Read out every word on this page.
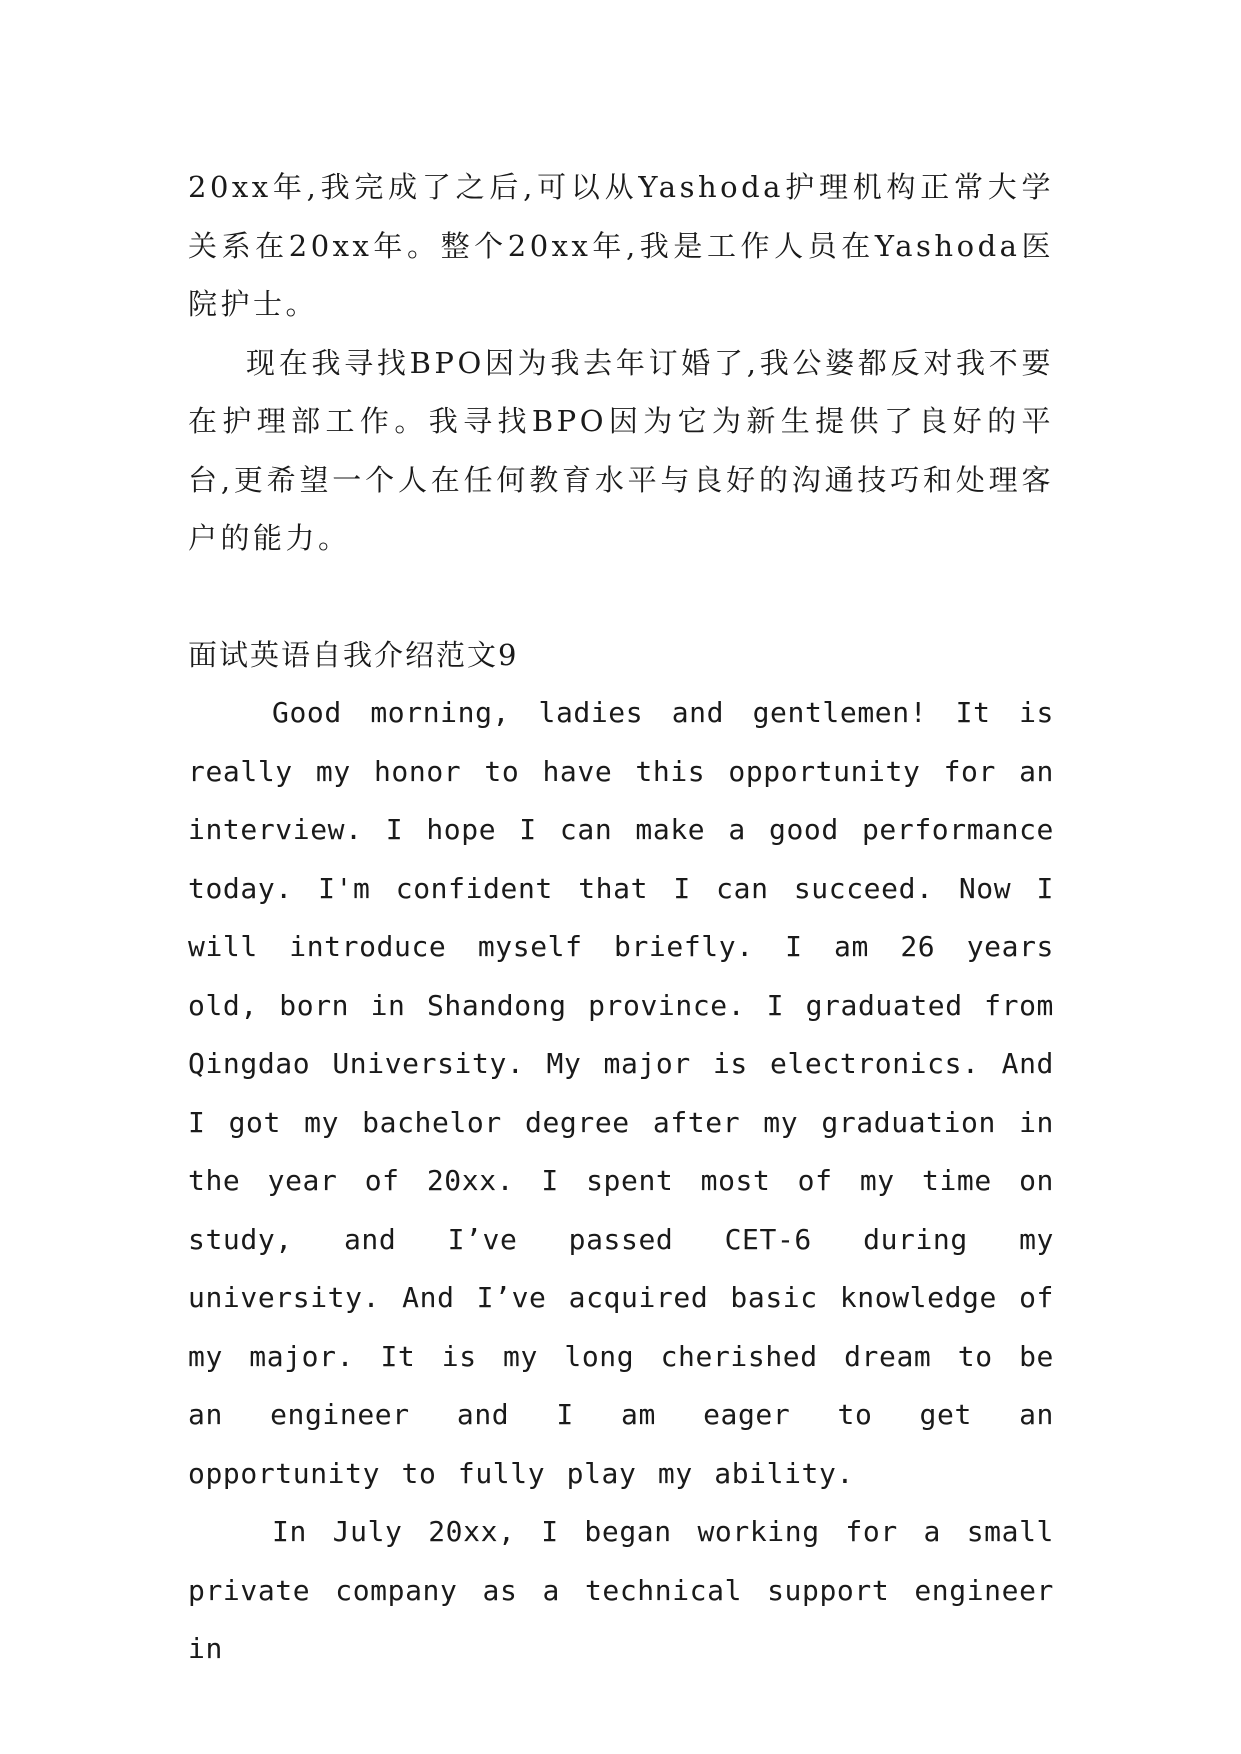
20xx年,我完成了之后,可以从Yashoda护理机构正常大学关系在20xx年。整个20xx年,我是工作人员在Yashoda医院护士。

现在我寻找BPO因为我去年订婚了,我公婆都反对我不要在护理部工作。我寻找BPO因为它为新生提供了良好的平台,更希望一个人在任何教育水平与良好的沟通技巧和处理客户的能力。

面试英语自我介绍范文9

Good morning, ladies and gentlemen! It is really my honor to have this opportunity for an interview. I hope I can make a good performance today. I'm confident that I can succeed. Now I will introduce myself briefly. I am 26 years old, born in Shandong province. I graduated from Qingdao University. My major is electronics. And I got my bachelor degree after my graduation in the year of 20xx. I spent most of my time on study, and I’ve passed CET-6 during my university. And I’ve acquired basic knowledge of my major. It is my long cherished dream to be an engineer and I am eager to get an opportunity to fully play my ability.

In July 20xx, I began working for a small private company as a technical support engineer in
